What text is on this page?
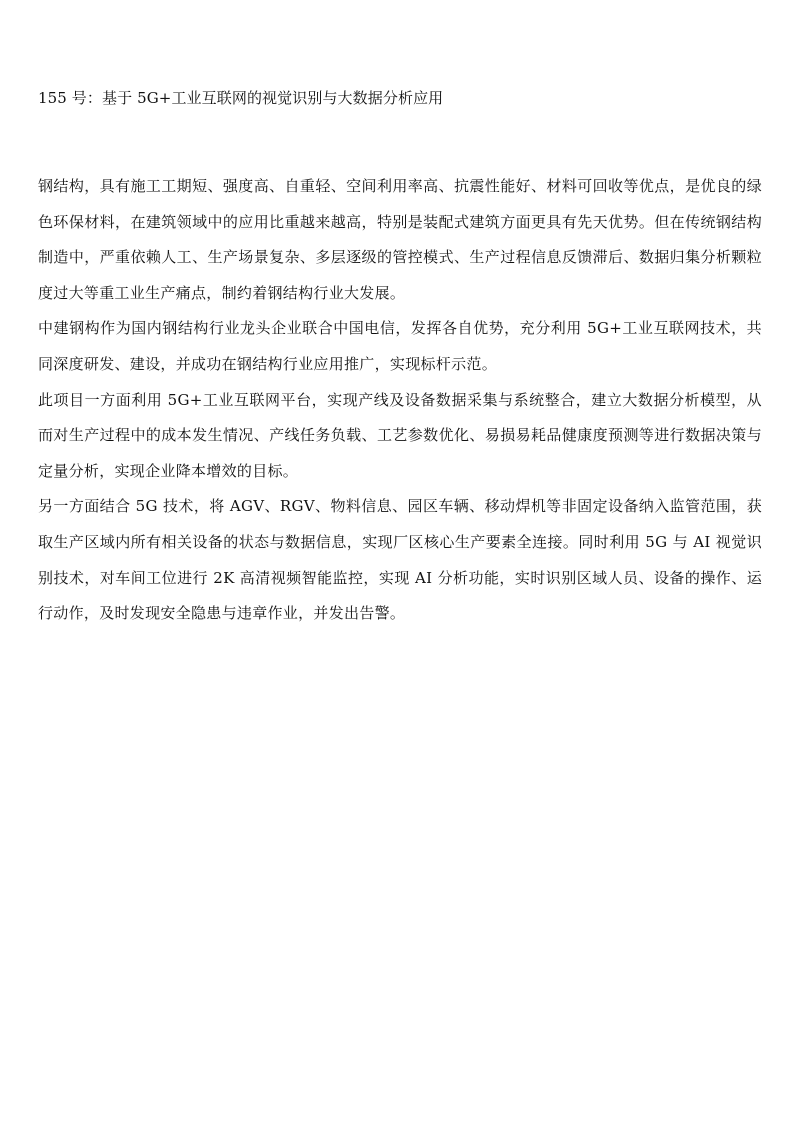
155 号：基于 5G+工业互联网的视觉识别与大数据分析应用

钢结构，具有施工工期短、强度高、自重轻、空间利用率高、抗震性能好、材料可回收等优点，是优良的绿色环保材料，在建筑领域中的应用比重越来越高，特别是装配式建筑方面更具有先天优势。但在传统钢结构制造中，严重依赖人工、生产场景复杂、多层逐级的管控模式、生产过程信息反馈滞后、数据归集分析颗粒度过大等重工业生产痛点，制约着钢结构行业大发展。

中建钢构作为国内钢结构行业龙头企业联合中国电信，发挥各自优势，充分利用 5G+工业互联网技术，共同深度研发、建设，并成功在钢结构行业应用推广，实现标杆示范。

此项目一方面利用 5G+工业互联网平台，实现产线及设备数据采集与系统整合，建立大数据分析模型，从而对生产过程中的成本发生情况、产线任务负载、工艺参数优化、易损易耗品健康度预测等进行数据决策与定量分析，实现企业降本增效的目标。

另一方面结合 5G 技术，将 AGV、RGV、物料信息、园区车辆、移动焊机等非固定设备纳入监管范围，获取生产区域内所有相关设备的状态与数据信息，实现厂区核心生产要素全连接。同时利用 5G 与 AI 视觉识别技术，对车间工位进行 2K 高清视频智能监控，实现 AI 分析功能，实时识别区域人员、设备的操作、运行动作，及时发现安全隐患与违章作业，并发出告警。
